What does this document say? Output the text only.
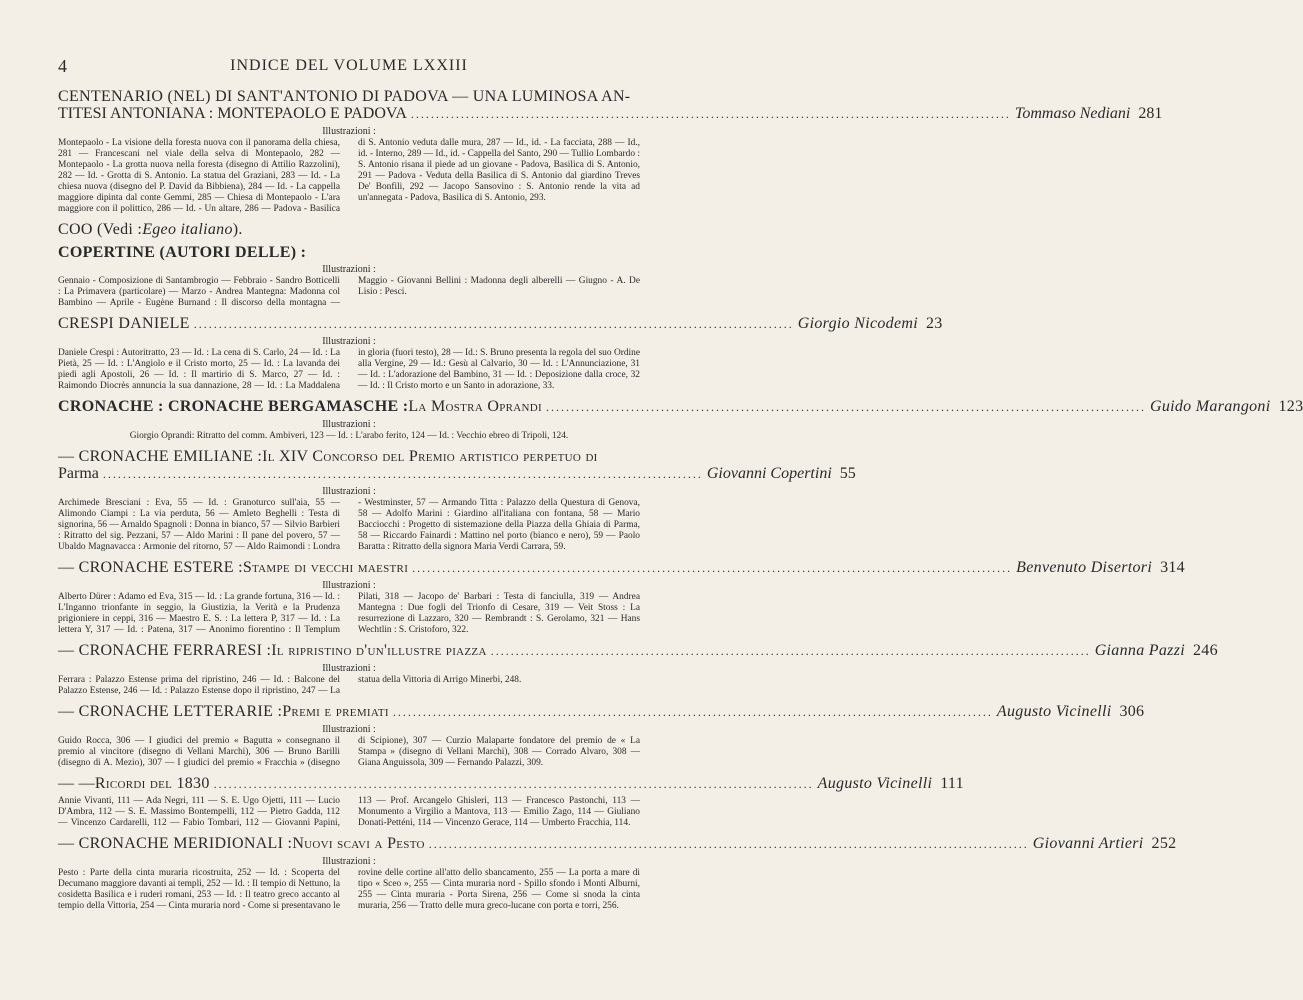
4	INDICE DEL VOLUME LXXIII
CENTENARIO (NEL) DI SANT'ANTONIO DI PADOVA — UNA LUMINOSA AN-
TITESI ANTONIANA : MONTEPAOLO E PADOVA .....	Tommaso Nediani 281
Illustrazioni :
Montepaolo - La visione della foresta nuova con il panorama della chiesa, 281 — Francescani nel viale della selva di Montepaolo, 282 — Montepaolo - La grotta nuova nella foresta (disegno di Attilio Razzolini), 282 — Id. - Grotta di S. Antonio. La statua del Graziani, 283 — Id. - La chiesa nuova (disegno del P. David da Bibbiena), 284 — Id. - La cappella maggiore dipinta dal conte Gemmi, 285 — Chiesa di Montepaolo - L'ara maggiore con il polittico, 286 — Id. - Un altare, 286 — Padova - Basilica di S. Antonio veduta dalle mura, 287 — Id., id. - La facciata, 288 — Id., id. - Interno, 289 — Id., id. - Cappella del Santo, 290 — Tullio Lombardo : S. Antonio risana il piede ad un giovane - Padova, Basilica di S. Antonio, 291 — Padova - Veduta della Basilica di S. Antonio dal giardino Treves De' Bonfili, 292 — Jacopo Sansovino : S. Antonio rende la vita ad un'annegata - Padova, Basilica di S. Antonio, 293.
COO (Vedi : Egeo italiano ).
COPERTINE (AUTORI DELLE) :
Illustrazioni :
Gennaio - Composizione di Santambrogio — Febbraio - Sandro Botticelli : La Primavera (particolare) — Marzo - Andrea Mantegna: Madonna col Bambino — Aprile - Eugène Burnand : Il discorso della montagna — Maggio - Giovanni Bellini : Madonna degli alberelli — Giugno - A. De Lisio : Pesci.
CRESPI DANIELE .....	Giorgio Nicodemi 23
Illustrazioni :
Daniele Crespi : Autoritratto, 23 — Id. : La cena di S. Carlo, 24 — Id. : La Pietà, 25 — Id. : L'Angiolo e il Cristo morto, 25 — Id. : La lavanda dei piedi agli Apostoli, 26 — Id. : Il martirio di S. Marco, 27 — Id. : Raimondo Diocrès annuncia la sua dannazione, 28 — Id. : La Maddalena in gloria (fuori testo), 28 — Id.: S. Bruno presenta la regola del suo Ordine alla Vergine, 29 — Id.: Gesù al Calvario, 30 — Id. : L'Annunciazione, 31 — Id. : L'adorazione del Bambino, 31 — Id. : Deposizione dalla croce, 32 — Id. : Il Cristo morto e un Santo in adorazione, 33.
CRONACHE : CRONACHE BERGAMASCHE : La Mostra Oprandi .....	Guido Marangoni 123
Illustrazioni :
Giorgio Oprandi: Ritratto del comm. Ambiveri, 123 — Id. : L'arabo ferito, 124 — Id. : Vecchio ebreo di Tripoli, 124.
— CRONACHE EMILIANE : Il XIV Concorso del Premio artistico perpetuo di
Parma .....	Giovanni Copertini 55
Illustrazioni :
Archimede Bresciani : Eva, 55 — Id. : Granoturco sull'aia, 55 — Alimondo Ciampi : La via perduta, 56 — Amleto Beghelli : Testa di signorina, 56 — Arnaldo Spagnoli : Donna in bianco, 57 — Silvio Barbieri : Ritratto del sig. Pezzani, 57 — Aldo Marini : Il pane del povero, 57 — Ubaldo Magnavacca : Armonie del ritorno, 57 — Aldo Raimondi : Londra - Westminster, 57 — Armando Titta : Palazzo della Questura di Genova, 58 — Adolfo Marini : Giardino all'italiana con fontana, 58 — Mario Bacciocchi : Progetto di sistemazione della Piazza della Ghiaia di Parma, 58 — Riccardo Fainardi : Mattino nel porto (bianco e nero), 59 — Paolo Baratta : Ritratto della signora Maria Verdi Carrara, 59.
— CRONACHE ESTERE : Stampe di vecchi maestri .....	Benvenuto Disertori 314
Illustrazioni :
Alberto Dürer : Adamo ed Eva, 315 — Id. : La grande fortuna, 316 — Id. : L'Inganno trionfante in seggio, la Giustizia, la Verità e la Prudenza prigioniere in ceppi, 316 — Maestro E. S. : La lettera P, 317 — Id. : La lettera Y, 317 — Id. : Patena, 317 — Anonimo fiorentino : Il Templum Pilati, 318 — Jacopo de' Barbari : Testa di fanciulla, 319 — Andrea Mantegna : Due fogli del Trionfo di Cesare, 319 — Veit Stoss : La resurrezione di Lazzaro, 320 — Rembrandt : S. Gerolamo, 321 — Hans Wechtlin : S. Cristoforo, 322.
— CRONACHE FERRARESI : Il ripristino d'un'illustre piazza .....	Gianna Pazzi 246
Illustrazioni :
Ferrara : Palazzo Estense prima del ripristino, 246 — Id. : Balcone del Palazzo Estense, 246 — Id. : Palazzo Estense dopo il ripristino, 247 — La statua della Vittoria di Arrigo Minerbi, 248.
— CRONACHE LETTERARIE : Premi e premiati .....	Augusto Vicinelli 306
Illustrazioni :
Guido Rocca, 306 — I giudici del premio « Bagutta » consegnano il premio al vincitore (disegno di Vellani Marchi), 306 — Bruno Barilli (disegno di A. Mezio), 307 — I giudici del premio « Fracchia » (disegno di Scipione), 307 — Curzio Malaparte fondatore del premio de « La Stampa » (disegno di Vellani Marchi), 308 — Corrado Alvaro, 308 — Giana Anguissola, 309 — Fernando Palazzi, 309.
— — Ricordi del 1830 .....	Augusto Vicinelli 111
Annie Vivanti, 111 — Ada Negri, 111 — S. E. Ugo Ojetti, 111 — Lucio D'Ambra, 112 — S. E. Massimo Bontempelli, 112 — Pietro Gadda, 112 — Vincenzo Cardarelli, 112 — Fabio Tombari, 112 — Giovanni Papini, 113 — Prof. Arcangelo Ghisleri, 113 — Francesco Pastonchi, 113 — Monumento a Virgilio a Mantova, 113 — Emilio Zago, 114 — Giuliano Donati-Petténi, 114 — Vincenzo Gerace, 114 — Umberto Fracchia, 114.
— CRONACHE MERIDIONALI : Nuovi scavi a Pesto .....	Giovanni Artieri 252
Illustrazioni :
Pesto : Parte della cinta muraria ricostruita, 252 — Id. : Scoperta del Decumano maggiore davanti ai templi, 252 — Id. : Il tempio di Nettuno, la cosidetta Basilica e i ruderi romani, 253 — Id. : Il teatro greco accanto al tempio della Vittoria, 254 — Cinta muraria nord - Come si presentavano le rovine delle cortine all'atto dello sbancamento, 255 — La porta a mare di tipo « Sceo », 255 — Cinta muraria nord - Spillo sfondo i Monti Alburni, 255 — Cinta muraria - Porta Sirena, 256 — Come si snoda la cinta muraria, 256 — Tratto delle mura greco-lucane con porta e torri, 256.
